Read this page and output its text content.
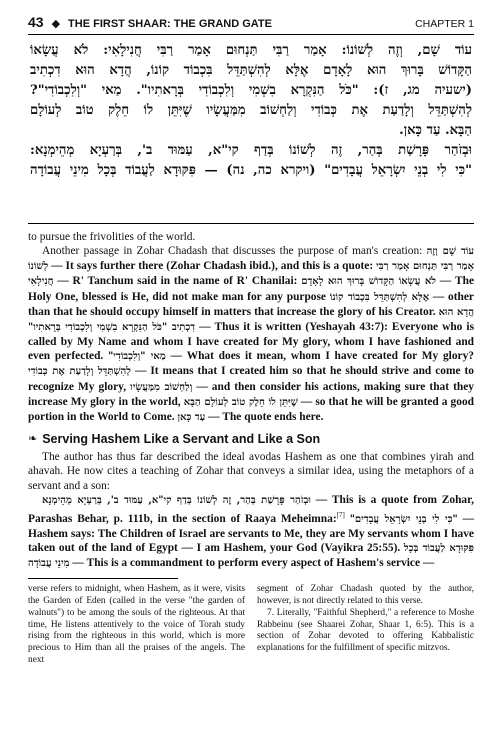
43 ◆ THE FIRST SHAAR: THE GRAND GATE	CHAPTER 1
עוֹד שָׁם, וְזֶה לְשׁוֹנוֹ: אָמַר רַבִּי תַּנְחוּם אָמַר רַבִּי חֲנִילָאִי: לֹא עֲשָׂאוֹ
הַקָּדוֹשׁ בָּרוּךְ הוּא לָאָדָם אֶלָּא לְהִשְׁתַּדֵּל בִּכְבוֹד קוֹנוֹ, הֲדָא הוּא דִכְתִיב
(ישעיה מג, ז): "כֹּל הַנִּקְרָא בִשְׁמִי וְלִכְבוֹדִי בְּרָאתִיו". מַאי "וְלִכְבוֹדִי"?
לְהִשְׁתַּדֵּל וְלָדַעַת אֶת כְּבוֹדִי וְלַחְשׁוֹב מִמַּעֲשָׂיו שֶׁיִּתֵּן לוֹ חֵלֶק טוֹב לְעוֹלָם
הַבָּא. עַד כָּאן.
וּבְזֹהַר פָּרָשַׁת בְּהַר, זֶה לְשׁוֹנוֹ בְּדַף קי"א, עַמּוּד ב', בְּרַעְיָא מְהֵימְנָא:
"כִּי לִי בְנֵי יִשְׂרָאֵל עֲבָדִים" (ויקרא כה, נה) — פִּקּוּדָא לַעֲבוֹד בְּכָל מִינֵי עֲבוֹדָה

to pursue the frivolities of the world.

Another passage in Zohar Chadash that discusses the purpose of man's creation: עוֹד שָׁם וְזֶה לְשׁוֹנוֹ — It says further there (Zohar Chadash ibid.), and this is a quote: אָמַר רַבִּי תַּנְחוּם אָמַר רַבִּי חֲנִילָאִי — R' Tanchum said in the name of R' Chanilai: לֹא עֲשָׂאוֹ הַקָּדוֹשׁ בָּרוּךְ הוּא לָאָדָם — The Holy One, blessed is He, did not make man for any purpose אֶלָּא לְהִשְׁתַּדֵּל בִּכְבוֹד קוֹנוֹ — other than that he should occupy himself in matters that increase the glory of his Creator. הֲדָא הוּא דִכְתִיב "כֹּל הַנִּקְרָא בִשְׁמִי וְלִכְבוֹדִי בְּרָאתִיו" — Thus it is written (Yeshayah 43:7): Everyone who is called by My Name and whom I have created for My glory, whom I have fashioned and even perfected. מַאי "וְלִכְבוֹדִי" — What does it mean, whom I have created for My glory? לְהִשְׁתַּדֵּל וְלָדַעַת אֶת כְּבוֹדִי — It means that I created him so that he should strive and come to recognize My glory, וְלַחְשׁוֹב מִמַּעֲשָׂיו — and then consider his actions, making sure that they increase My glory in the world, שֶׁיִּתֵּן לוֹ חֵלֶק טוֹב לְעוֹלָם הַבָּא — so that he will be granted a good portion in the World to Come. עַד כָּאן — The quote ends here.

❧ Serving Hashem Like a Servant and Like a Son

The author has thus far described the ideal avodas Hashem as one that combines yirah and ahavah. He now cites a teaching of Zohar that conveys a similar idea, using the metaphors of a servant and a son:

וּבְזֹהַר פָּרָשַׁת בְּהַר, זֶה לְשׁוֹנוֹ בְּדַף קי"א, עַמּוּד ב', בְּרַעְיָא מְהֵימְנָא — This is a quote from Zohar, Parashas Behar, p. 111b, in the section of Raaya Meheimna:[7] "כִּי לִי בְנֵי יִשְׂרָאֵל עֲבָדִים" — Hashem says: The Children of Israel are servants to Me, they are My servants whom I have taken out of the land of Egypt — I am Hashem, your God (Vayikra 25:55). פִּקּוּדָא לַעֲבוֹד בְּכָל מִינֵי עֲבוֹדָה — This is a commandment to perform every aspect of Hashem's service —

verse refers to midnight, when Hashem, as it were, visits the Garden of Eden (called in the verse "the garden of walnuts") to be among the souls of the righteous. At that time, He listens attentively to the voice of Torah study rising from the righteous in this world, which is more precious to Him than all the praises of the angels. The next

segment of Zohar Chadash quoted by the author, however, is not directly related to this verse.

7. Literally, "Faithful Shepherd," a reference to Moshe Rabbeinu (see Shaarei Zohar, Shaar 1, 6:5). This is a section of Zohar devoted to offering Kabbalistic explanations for the fulfillment of specific mitzvos.
